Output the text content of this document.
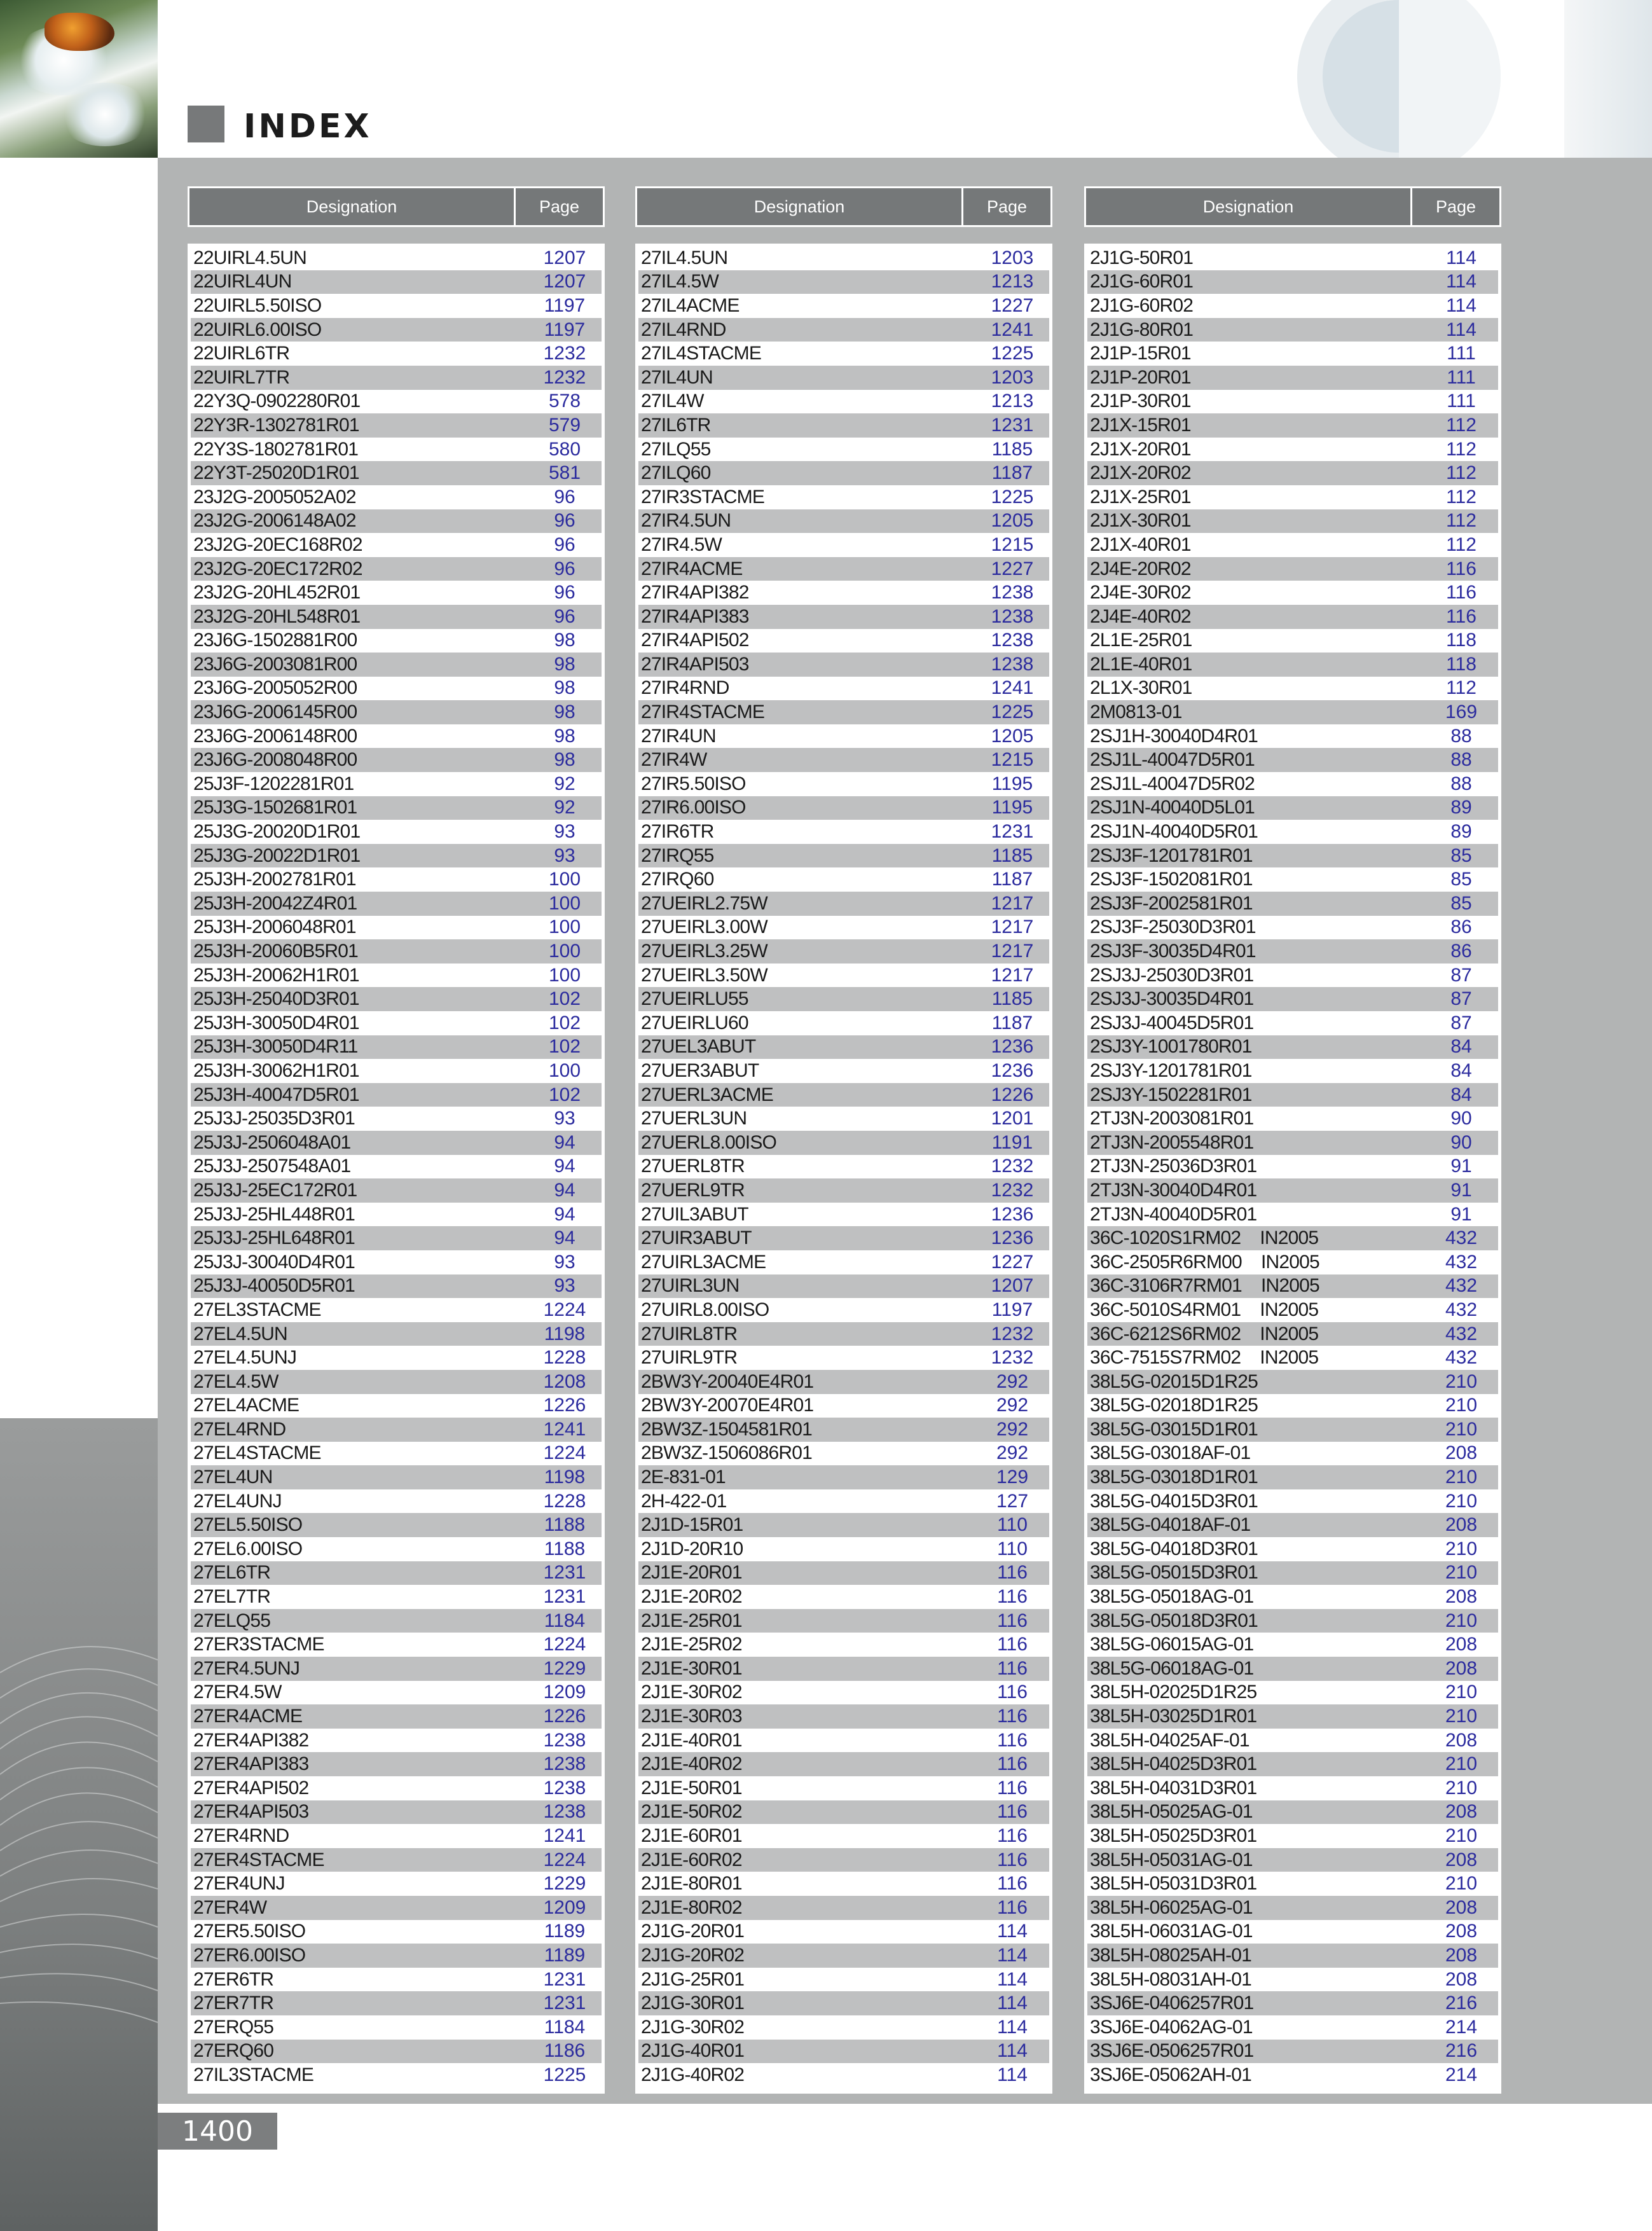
INDEX
Designation	Page
22UIRL4.5UN	1207
22UIRL4UN	1207
22UIRL5.50ISO	1197
22UIRL6.00ISO	1197
22UIRL6TR	1232
22UIRL7TR	1232
22Y3Q-0902280R01	578
22Y3R-1302781R01	579
22Y3S-1802781R01	580
22Y3T-25020D1R01	581
23J2G-2005052A02	96
23J2G-2006148A02	96
23J2G-20EC168R02	96
23J2G-20EC172R02	96
23J2G-20HL452R01	96
23J2G-20HL548R01	96
23J6G-1502881R00	98
23J6G-2003081R00	98
23J6G-2005052R00	98
23J6G-2006145R00	98
23J6G-2006148R00	98
23J6G-2008048R00	98
25J3F-1202281R01	92
25J3G-1502681R01	92
25J3G-20020D1R01	93
25J3G-20022D1R01	93
25J3H-2002781R01	100
25J3H-20042Z4R01	100
25J3H-2006048R01	100
25J3H-20060B5R01	100
25J3H-20062H1R01	100
25J3H-25040D3R01	102
25J3H-30050D4R01	102
25J3H-30050D4R11	102
25J3H-30062H1R01	100
25J3H-40047D5R01	102
25J3J-25035D3R01	93
25J3J-2506048A01	94
25J3J-2507548A01	94
25J3J-25EC172R01	94
25J3J-25HL448R01	94
25J3J-25HL648R01	94
25J3J-30040D4R01	93
25J3J-40050D5R01	93
27EL3STACME	1224
27EL4.5UN	1198
27EL4.5UNJ	1228
27EL4.5W	1208
27EL4ACME	1226
27EL4RND	1241
27EL4STACME	1224
27EL4UN	1198
27EL4UNJ	1228
27EL5.50ISO	1188
27EL6.00ISO	1188
27EL6TR	1231
27EL7TR	1231
27ELQ55	1184
27ER3STACME	1224
27ER4.5UNJ	1229
27ER4.5W	1209
27ER4ACME	1226
27ER4API382	1238
27ER4API383	1238
27ER4API502	1238
27ER4API503	1238
27ER4RND	1241
27ER4STACME	1224
27ER4UNJ	1229
27ER4W	1209
27ER5.50ISO	1189
27ER6.00ISO	1189
27ER6TR	1231
27ER7TR	1231
27ERQ55	1184
27ERQ60	1186
27IL3STACME	1225
Designation	Page
27IL4.5UN	1203
27IL4.5W	1213
27IL4ACME	1227
27IL4RND	1241
27IL4STACME	1225
27IL4UN	1203
27IL4W	1213
27IL6TR	1231
27ILQ55	1185
27ILQ60	1187
27IR3STACME	1225
27IR4.5UN	1205
27IR4.5W	1215
27IR4ACME	1227
27IR4API382	1238
27IR4API383	1238
27IR4API502	1238
27IR4API503	1238
27IR4RND	1241
27IR4STACME	1225
27IR4UN	1205
27IR4W	1215
27IR5.50ISO	1195
27IR6.00ISO	1195
27IR6TR	1231
27IRQ55	1185
27IRQ60	1187
27UEIRL2.75W	1217
27UEIRL3.00W	1217
27UEIRL3.25W	1217
27UEIRL3.50W	1217
27UEIRLU55	1185
27UEIRLU60	1187
27UEL3ABUT	1236
27UER3ABUT	1236
27UERL3ACME	1226
27UERL3UN	1201
27UERL8.00ISO	1191
27UERL8TR	1232
27UERL9TR	1232
27UIL3ABUT	1236
27UIR3ABUT	1236
27UIRL3ACME	1227
27UIRL3UN	1207
27UIRL8.00ISO	1197
27UIRL8TR	1232
27UIRL9TR	1232
2BW3Y-20040E4R01	292
2BW3Y-20070E4R01	292
2BW3Z-1504581R01	292
2BW3Z-1506086R01	292
2E-831-01	129
2H-422-01	127
2J1D-15R01	110
2J1D-20R10	110
2J1E-20R01	116
2J1E-20R02	116
2J1E-25R01	116
2J1E-25R02	116
2J1E-30R01	116
2J1E-30R02	116
2J1E-30R03	116
2J1E-40R01	116
2J1E-40R02	116
2J1E-50R01	116
2J1E-50R02	116
2J1E-60R01	116
2J1E-60R02	116
2J1E-80R01	116
2J1E-80R02	116
2J1G-20R01	114
2J1G-20R02	114
2J1G-25R01	114
2J1G-30R01	114
2J1G-30R02	114
2J1G-40R01	114
2J1G-40R02	114
Designation	Page
2J1G-50R01	114
2J1G-60R01	114
2J1G-60R02	114
2J1G-80R01	114
2J1P-15R01	111
2J1P-20R01	111
2J1P-30R01	111
2J1X-15R01	112
2J1X-20R01	112
2J1X-20R02	112
2J1X-25R01	112
2J1X-30R01	112
2J1X-40R01	112
2J4E-20R02	116
2J4E-30R02	116
2J4E-40R02	116
2L1E-25R01	118
2L1E-40R01	118
2L1X-30R01	112
2M0813-01	169
2SJ1H-30040D4R01	88
2SJ1L-40047D5R01	88
2SJ1L-40047D5R02	88
2SJ1N-40040D5L01	89
2SJ1N-40040D5R01	89
2SJ3F-1201781R01	85
2SJ3F-1502081R01	85
2SJ3F-2002581R01	85
2SJ3F-25030D3R01	86
2SJ3F-30035D4R01	86
2SJ3J-25030D3R01	87
2SJ3J-30035D4R01	87
2SJ3J-40045D5R01	87
2SJ3Y-1001780R01	84
2SJ3Y-1201781R01	84
2SJ3Y-1502281R01	84
2TJ3N-2003081R01	90
2TJ3N-2005548R01	90
2TJ3N-25036D3R01	91
2TJ3N-30040D4R01	91
2TJ3N-40040D5R01	91
36C-1020S1RM02 IN2005	432
36C-2505R6RM00 IN2005	432
36C-3106R7RM01 IN2005	432
36C-5010S4RM01 IN2005	432
36C-6212S6RM02 IN2005	432
36C-7515S7RM02 IN2005	432
38L5G-02015D1R25	210
38L5G-02018D1R25	210
38L5G-03015D1R01	210
38L5G-03018AF-01	208
38L5G-03018D1R01	210
38L5G-04015D3R01	210
38L5G-04018AF-01	208
38L5G-04018D3R01	210
38L5G-05015D3R01	210
38L5G-05018AG-01	208
38L5G-05018D3R01	210
38L5G-06015AG-01	208
38L5G-06018AG-01	208
38L5H-02025D1R25	210
38L5H-03025D1R01	210
38L5H-04025AF-01	208
38L5H-04025D3R01	210
38L5H-04031D3R01	210
38L5H-05025AG-01	208
38L5H-05025D3R01	210
38L5H-05031AG-01	208
38L5H-05031D3R01	210
38L5H-06025AG-01	208
38L5H-06031AG-01	208
38L5H-08025AH-01	208
38L5H-08031AH-01	208
3SJ6E-0406257R01	216
3SJ6E-04062AG-01	214
3SJ6E-0506257R01	216
3SJ6E-05062AH-01	214
1400
